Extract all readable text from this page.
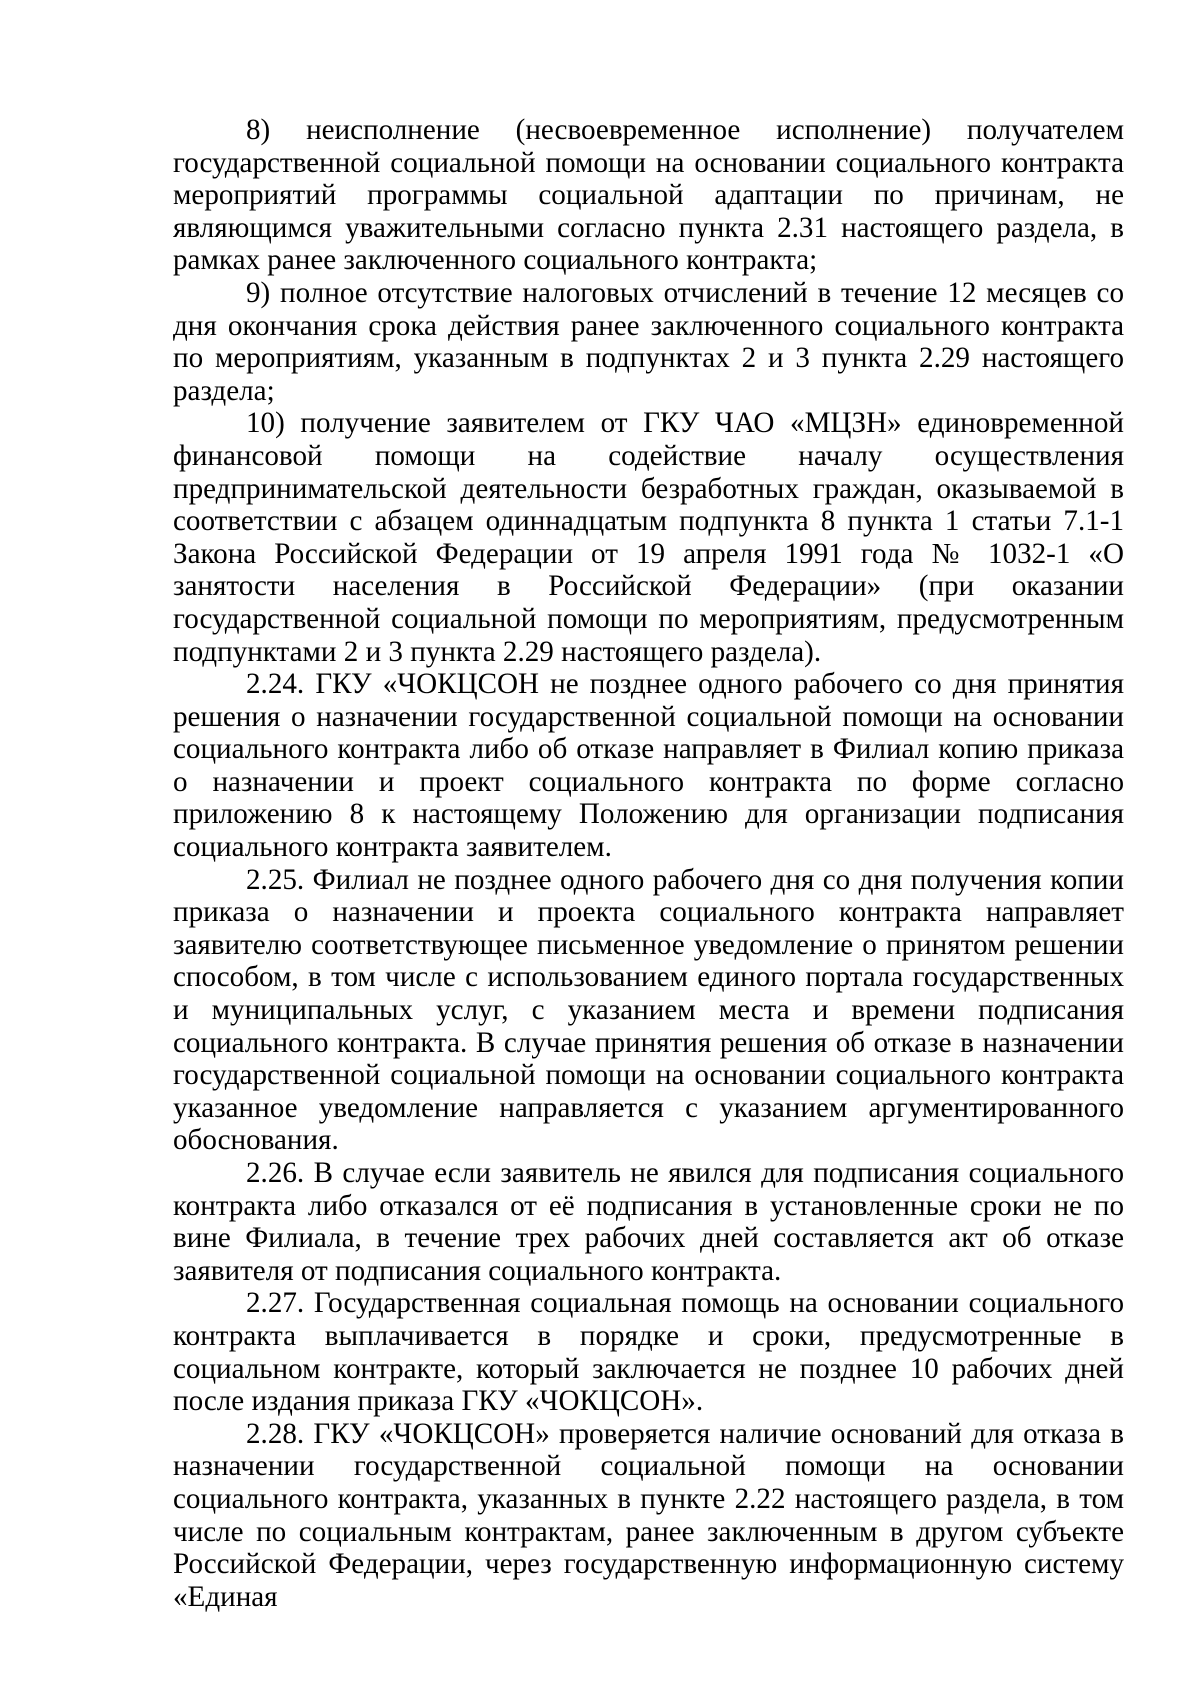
8) неисполнение (несвоевременное исполнение) получателем государственной социальной помощи на основании социального контракта мероприятий программы социальной адаптации по причинам, не являющимся уважительными согласно пункта 2.31 настоящего раздела, в рамках ранее заключенного социального контракта;

9) полное отсутствие налоговых отчислений в течение 12 месяцев со дня окончания срока действия ранее заключенного социального контракта по мероприятиям, указанным в подпунктах 2 и 3 пункта 2.29 настоящего раздела;

10) получение заявителем от ГКУ ЧАО «МЦЗН» единовременной финансовой помощи на содействие началу осуществления предпринимательской деятельности безработных граждан, оказываемой в соответствии с абзацем одиннадцатым подпункта 8 пункта 1 статьи 7.1-1 Закона Российской Федерации от 19 апреля 1991 года № 1032-1 «О занятости населения в Российской Федерации» (при оказании государственной социальной помощи по мероприятиям, предусмотренным подпунктами 2 и 3 пункта 2.29 настоящего раздела).

2.24. ГКУ «ЧОКЦСОН не позднее одного рабочего со дня принятия решения о назначении государственной социальной помощи на основании социального контракта либо об отказе направляет в Филиал копию приказа о назначении и проект социального контракта по форме согласно приложению 8 к настоящему Положению для организации подписания социального контракта заявителем.

2.25. Филиал не позднее одного рабочего дня со дня получения копии приказа о назначении и проекта социального контракта направляет заявителю соответствующее письменное уведомление о принятом решении способом, в том числе с использованием единого портала государственных и муниципальных услуг, с указанием места и времени подписания социального контракта. В случае принятия решения об отказе в назначении государственной социальной помощи на основании социального контракта указанное уведомление направляется с указанием аргументированного обоснования.

2.26. В случае если заявитель не явился для подписания социального контракта либо отказался от её подписания в установленные сроки не по вине Филиала, в течение трех рабочих дней составляется акт об отказе заявителя от подписания социального контракта.

2.27. Государственная социальная помощь на основании социального контракта выплачивается в порядке и сроки, предусмотренные в социальном контракте, который заключается не позднее 10 рабочих дней после издания приказа ГКУ «ЧОКЦСОН».

2.28. ГКУ «ЧОКЦСОН» проверяется наличие оснований для отказа в назначении государственной социальной помощи на основании социального контракта, указанных в пункте 2.22 настоящего раздела, в том числе по социальным контрактам, ранее заключенным в другом субъекте Российской Федерации, через государственную информационную систему «Единая
